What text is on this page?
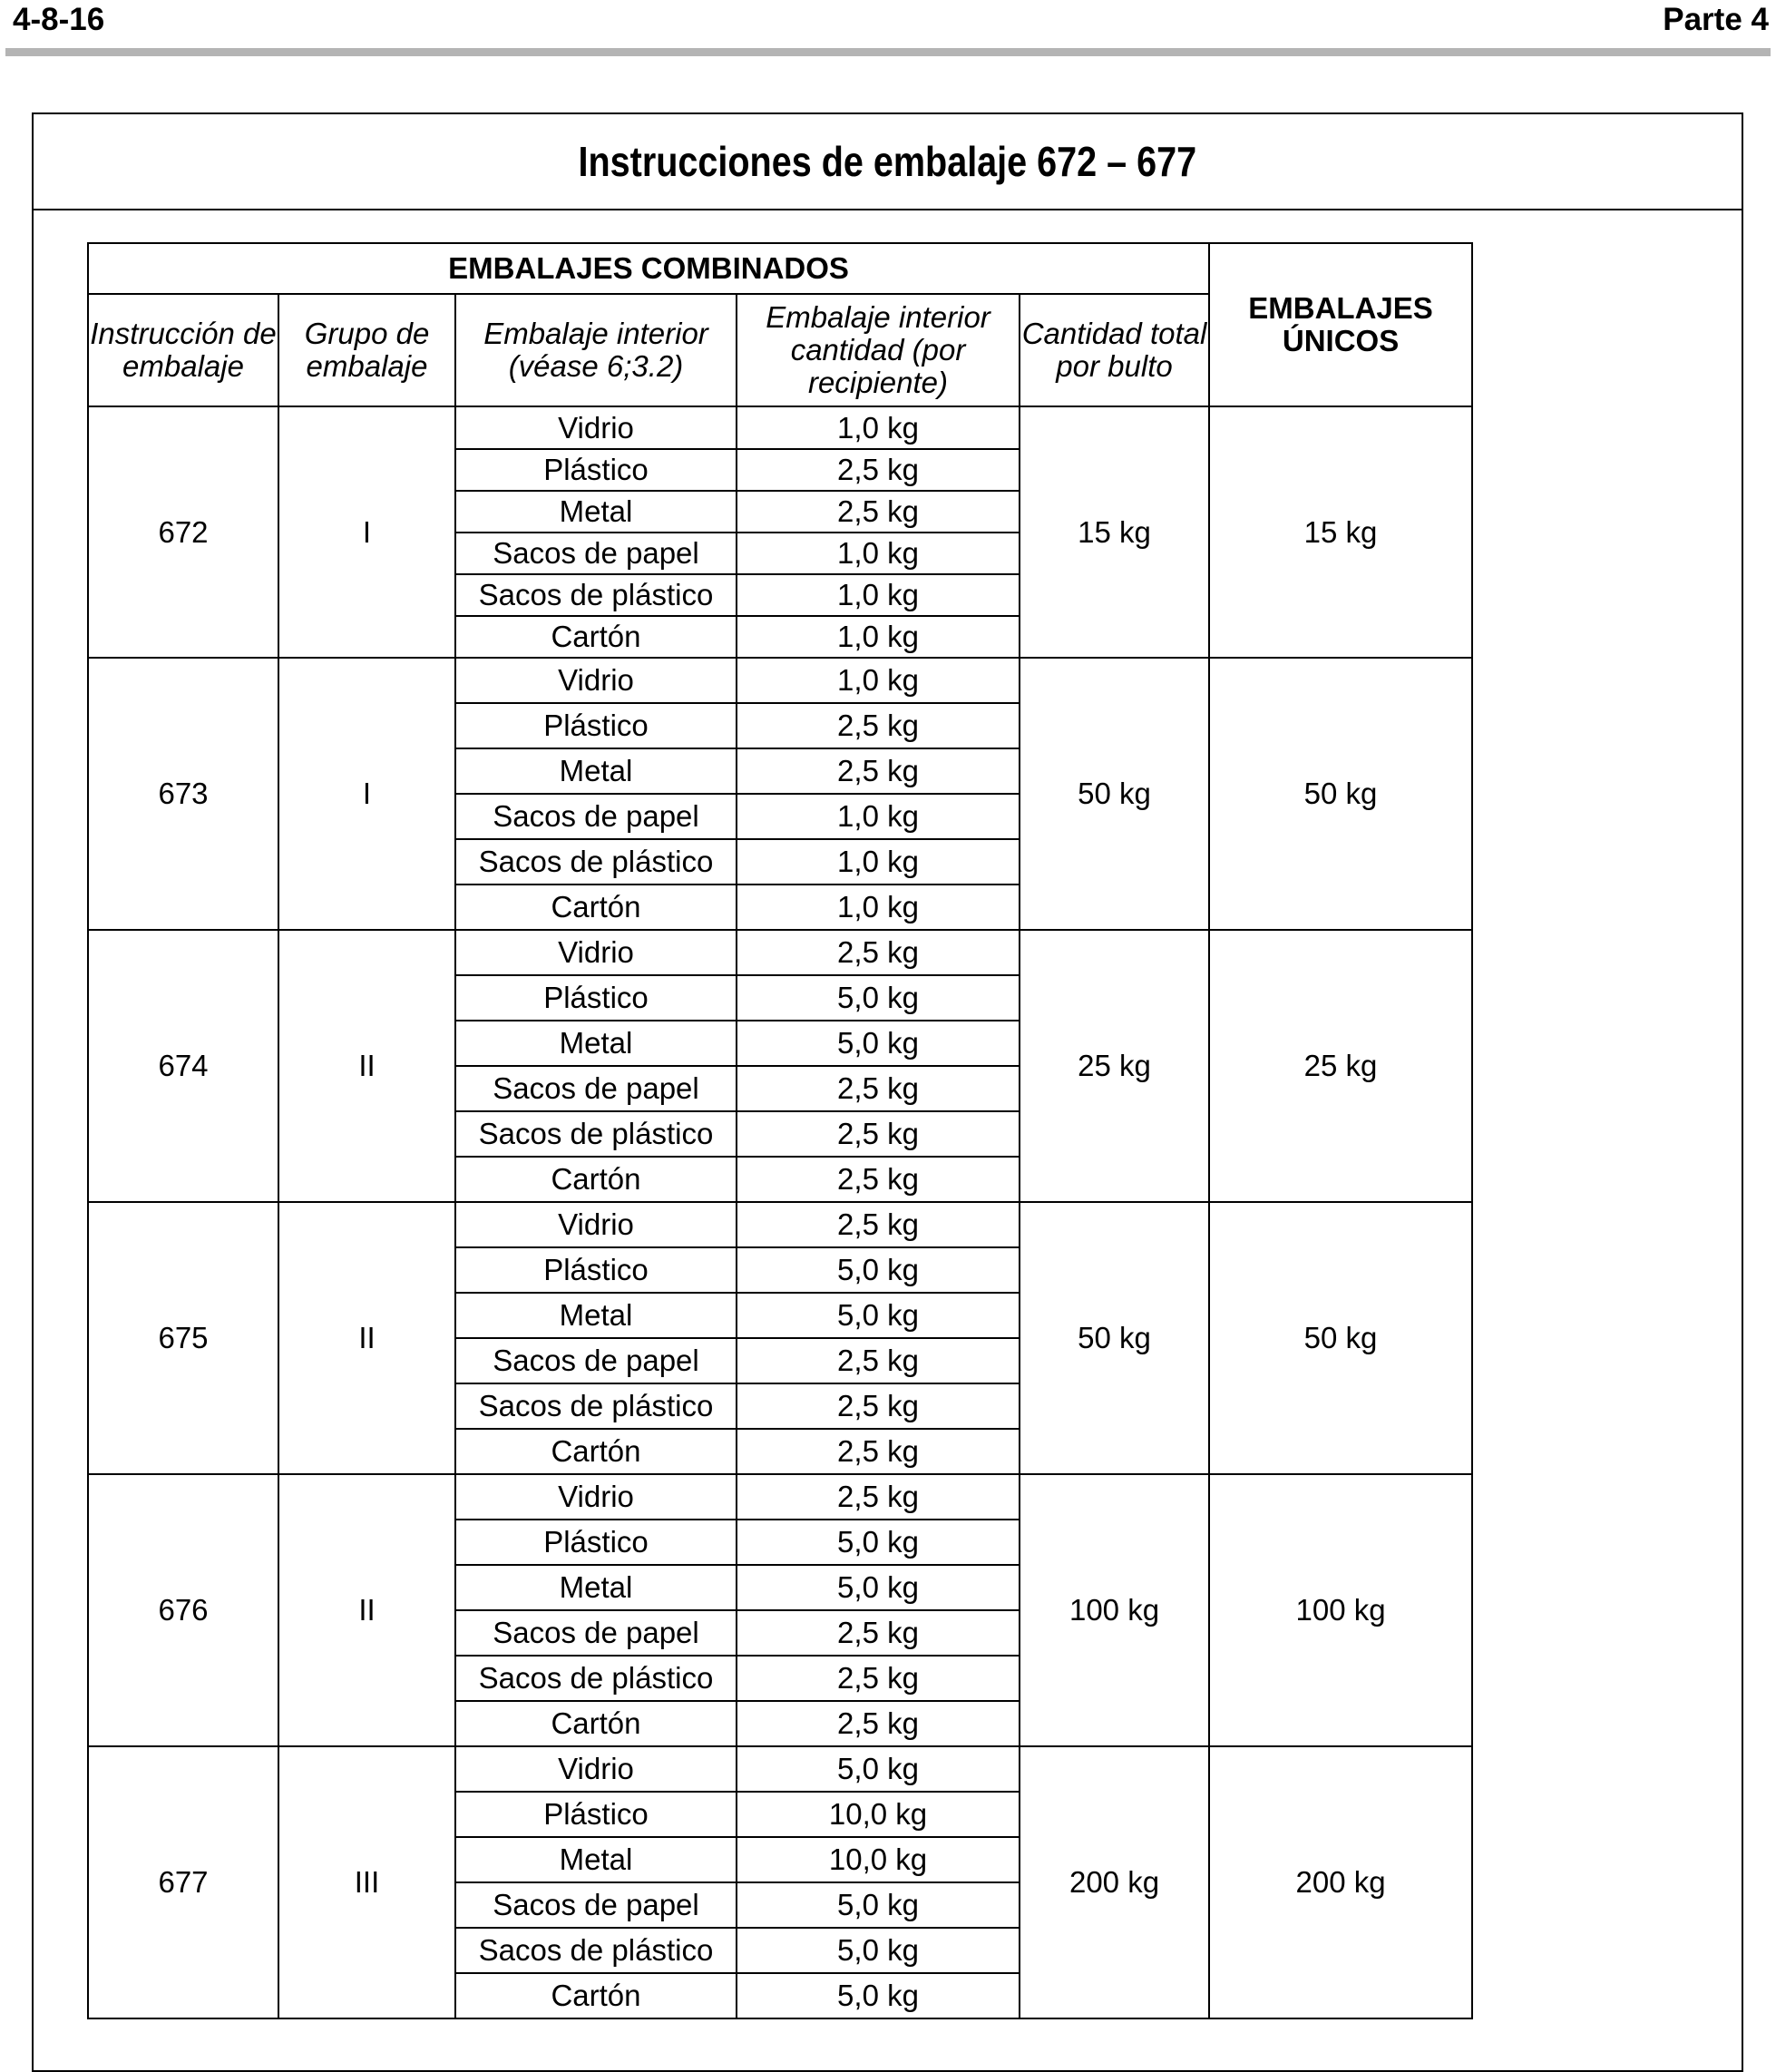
4-8-16	Parte 4
Instrucciones de embalaje 672 – 677
EMBALAJES COMBINADOS					EMBALAJES
ÚNICOS
Instrucción de embalaje	Grupo de embalaje	Embalaje interior (véase 6;3.2)	Embalaje interior cantidad (por recipiente)	Cantidad total por bulto	
672	I	Vidrio	1,0 kg	15 kg	15 kg
		Plástico	2,5 kg		
		Metal	2,5 kg		
		Sacos de papel	1,0 kg		
		Sacos de plástico	1,0 kg		
		Cartón	1,0 kg		
673	I	Vidrio	1,0 kg	50 kg	50 kg
		Plástico	2,5 kg		
		Metal	2,5 kg		
		Sacos de papel	1,0 kg		
		Sacos de plástico	1,0 kg		
		Cartón	1,0 kg		
674	II	Vidrio	2,5 kg	25 kg	25 kg
		Plástico	5,0 kg		
		Metal	5,0 kg		
		Sacos de papel	2,5 kg		
		Sacos de plástico	2,5 kg		
		Cartón	2,5 kg		
675	II	Vidrio	2,5 kg	50 kg	50 kg
		Plástico	5,0 kg		
		Metal	5,0 kg		
		Sacos de papel	2,5 kg		
		Sacos de plástico	2,5 kg		
		Cartón	2,5 kg		
676	II	Vidrio	2,5 kg	100 kg	100 kg
		Plástico	5,0 kg		
		Metal	5,0 kg		
		Sacos de papel	2,5 kg		
		Sacos de plástico	2,5 kg		
		Cartón	2,5 kg		
677	III	Vidrio	5,0 kg	200 kg	200 kg
		Plástico	10,0 kg		
		Metal	10,0 kg		
		Sacos de papel	5,0 kg		
		Sacos de plástico	5,0 kg		
		Cartón	5,0 kg		
